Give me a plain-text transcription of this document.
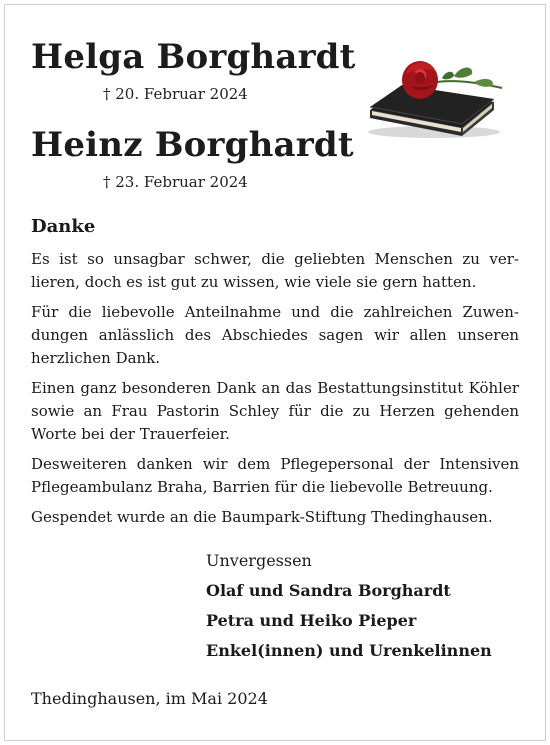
Helga Borghardt
† 20. Februar 2024
Heinz Borghardt
† 23. Februar 2024
Danke

Es ist so unsagbar schwer, die geliebten Menschen zu verlieren, doch es ist gut zu wissen, wie viele sie gern hatten.

Für die liebevolle Anteilnahme und die zahlreichen Zuwendungen anlässlich des Abschiedes sagen wir allen unseren herzlichen Dank.

Einen ganz besonderen Dank an das Bestattungsinstitut Köhler sowie an Frau Pastorin Schley für die zu Herzen gehenden Worte bei der Trauerfeier.

Desweiteren danken wir dem Pflegepersonal der Intensiven Pflegeambulanz Braha, Barrien für die liebevolle Betreuung.

Gespendet wurde an die Baumpark-Stiftung Thedinghausen.

Unvergessen
Olaf und Sandra Borghardt
Petra und Heiko Pieper
Enkel(innen) und Urenkelinnen
Thedinghausen, im Mai 2024
